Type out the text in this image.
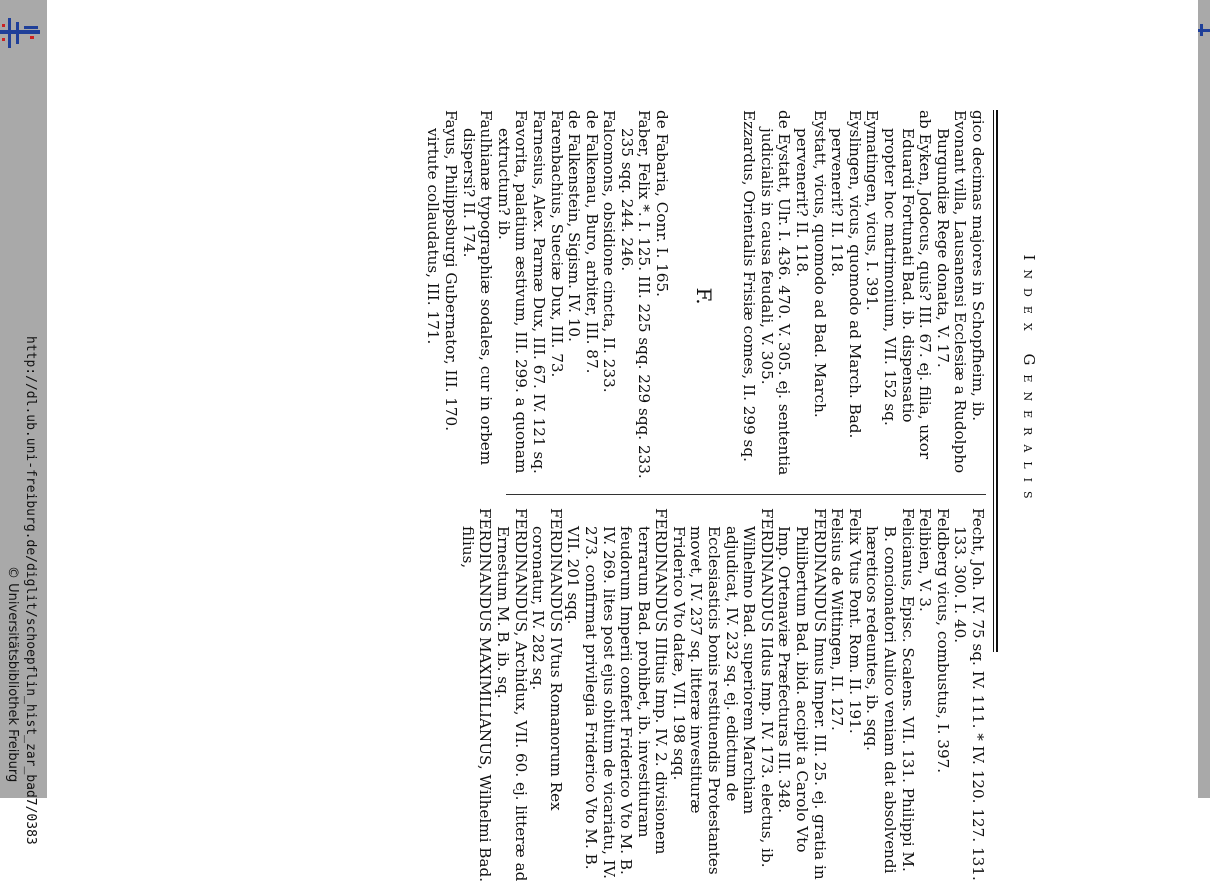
http://dl.ub.uni-freiburg.de/diglit/schoepflin_hist_zar_bad7/0383
© Universitätsbibliothek Freiburg
Index Generalis

gico decimas majores in Schopfheim, ib.

Evonant villa, Lausanensi Ecclesiæ a Rudolpho Burgundiæ Rege donata, V. 17.

ab Eyken, Jodocus, quis? III. 67. ej. filia, uxor Eduardi Fortunati Bad. ib. dispensatio propter hoc matrimonium, VII. 152 sq.

Eymatingen, vicus, I. 391.

Eyslingen, vicus, quomodo ad March. Bad. pervenerit? II. 118.

Eystatt, vicus, quomodo ad Bad. March. pervenerit? II. 118.

de Eystatt, Ulr. I. 436. 470. V. 305. ej. sententia judicialis in causa feudali, V. 305.

Ezzardus, Orientalis Frisiæ comes, II. 299 sq.

F.

de Fabaria, Conr. I. 165.

Faber, Felix *. I. 125. III. 225 sqq. 229 sqq. 233. 235 sqq. 244. 246.

Falcomons, obsidione cincta, II. 233.

de Falkenau, Buro, arbiter, III. 87.

de Falkenstein, Sigism. IV. 10.

Farenbachius, Sueciæ Dux, III. 73.

Farnesius, Alex. Parmæ Dux, III. 67. IV. 121 sq.

Favorita, palatium æstivum, III. 299. a quonam extructum? ib.

Faulhianæ typographiæ sodales, cur in orbem dispersi? II. 174.

Fayus, Philippsburgi Gubernator, III. 170. virtute collaudatus, III. 171.

Fecht, Joh. IV. 75 sq. IV. 111. * IV. 120. 127. 131. 133. 300. I. 40.

Feldberg vicus, combustus, I. 397.

Felibien, V. 3.

Felicianus, Episc. Scalens. VII. 131. Philippi M. B. concionatori Aulico veniam dat absolvendi hæreticos redeuntes, ib. sqq.

Felix Vtus Pont. Rom. II. 191.

Felsius de Wittingen, II. 127.

FERDINANDUS Imus Imper. III. 25. ej. gratia in Philibertum Bad. ibid. accipit a Carolo Vto Imp. Ortenaviæ Præfecturas III. 348.

FERDINANDUS IIdus Imp. IV. 173. electus, ib. Wilhelmo Bad. superiorem Marchiam adjudicat, IV. 232 sq. ej. edictum de Ecclesiasticis bonis restituendis Protestantes movet, IV. 237 sq. litteræ investituræ Friderico Vto datæ, VII. 198 sqq.

FERDINANDUS IIItius Imp. IV. 2. divisionem terrarum Bad. prohibet, ib. investituram feudorum Imperii confert Friderico Vto M. B. IV. 269. lites post ejus obitum de vicariatu, IV. 273. confirmat privilegia Friderico Vto M. B. VII. 201 sqq.

FERDINANDUS IVtus Romanorum Rex coronatur, IV. 282 sq.

FERDINANDUS, Archidux, VII. 60. ej. litteræ ad Ernestum M. B. ib. sq.

FERDINANDUS MAXIMILIANUS, Wilhelmi Bad. filius,
